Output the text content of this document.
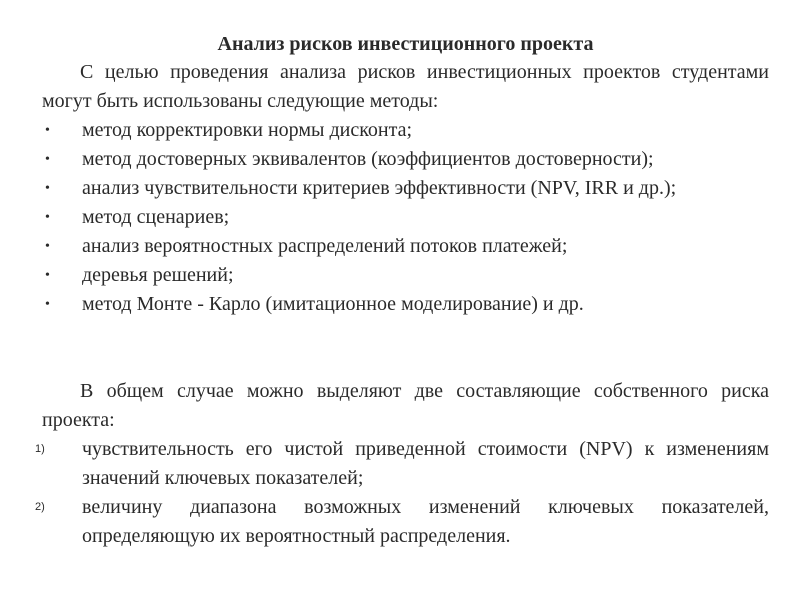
Анализ рисков инвестиционного проекта

С целью проведения анализа рисков инвестиционных проектов студентами могут быть использованы следующие методы:

• метод корректировки нормы дисконта;
• метод достоверных эквивалентов (коэффициентов достоверности);
• анализ чувствительности критериев эффективности (NPV, IRR и др.);
• метод сценариев;
• анализ вероятностных распределений потоков платежей;
• деревья решений;
• метод Монте - Карло (имитационное моделирование) и др.

В общем случае можно выделяют две составляющие собственного риска проекта:

1) чувствительность его чистой приведенной стоимости (NPV) к изменениям значений ключевых показателей;
2) величину диапазона возможных изменений ключевых показателей, определяющую их вероятностный распределения.
